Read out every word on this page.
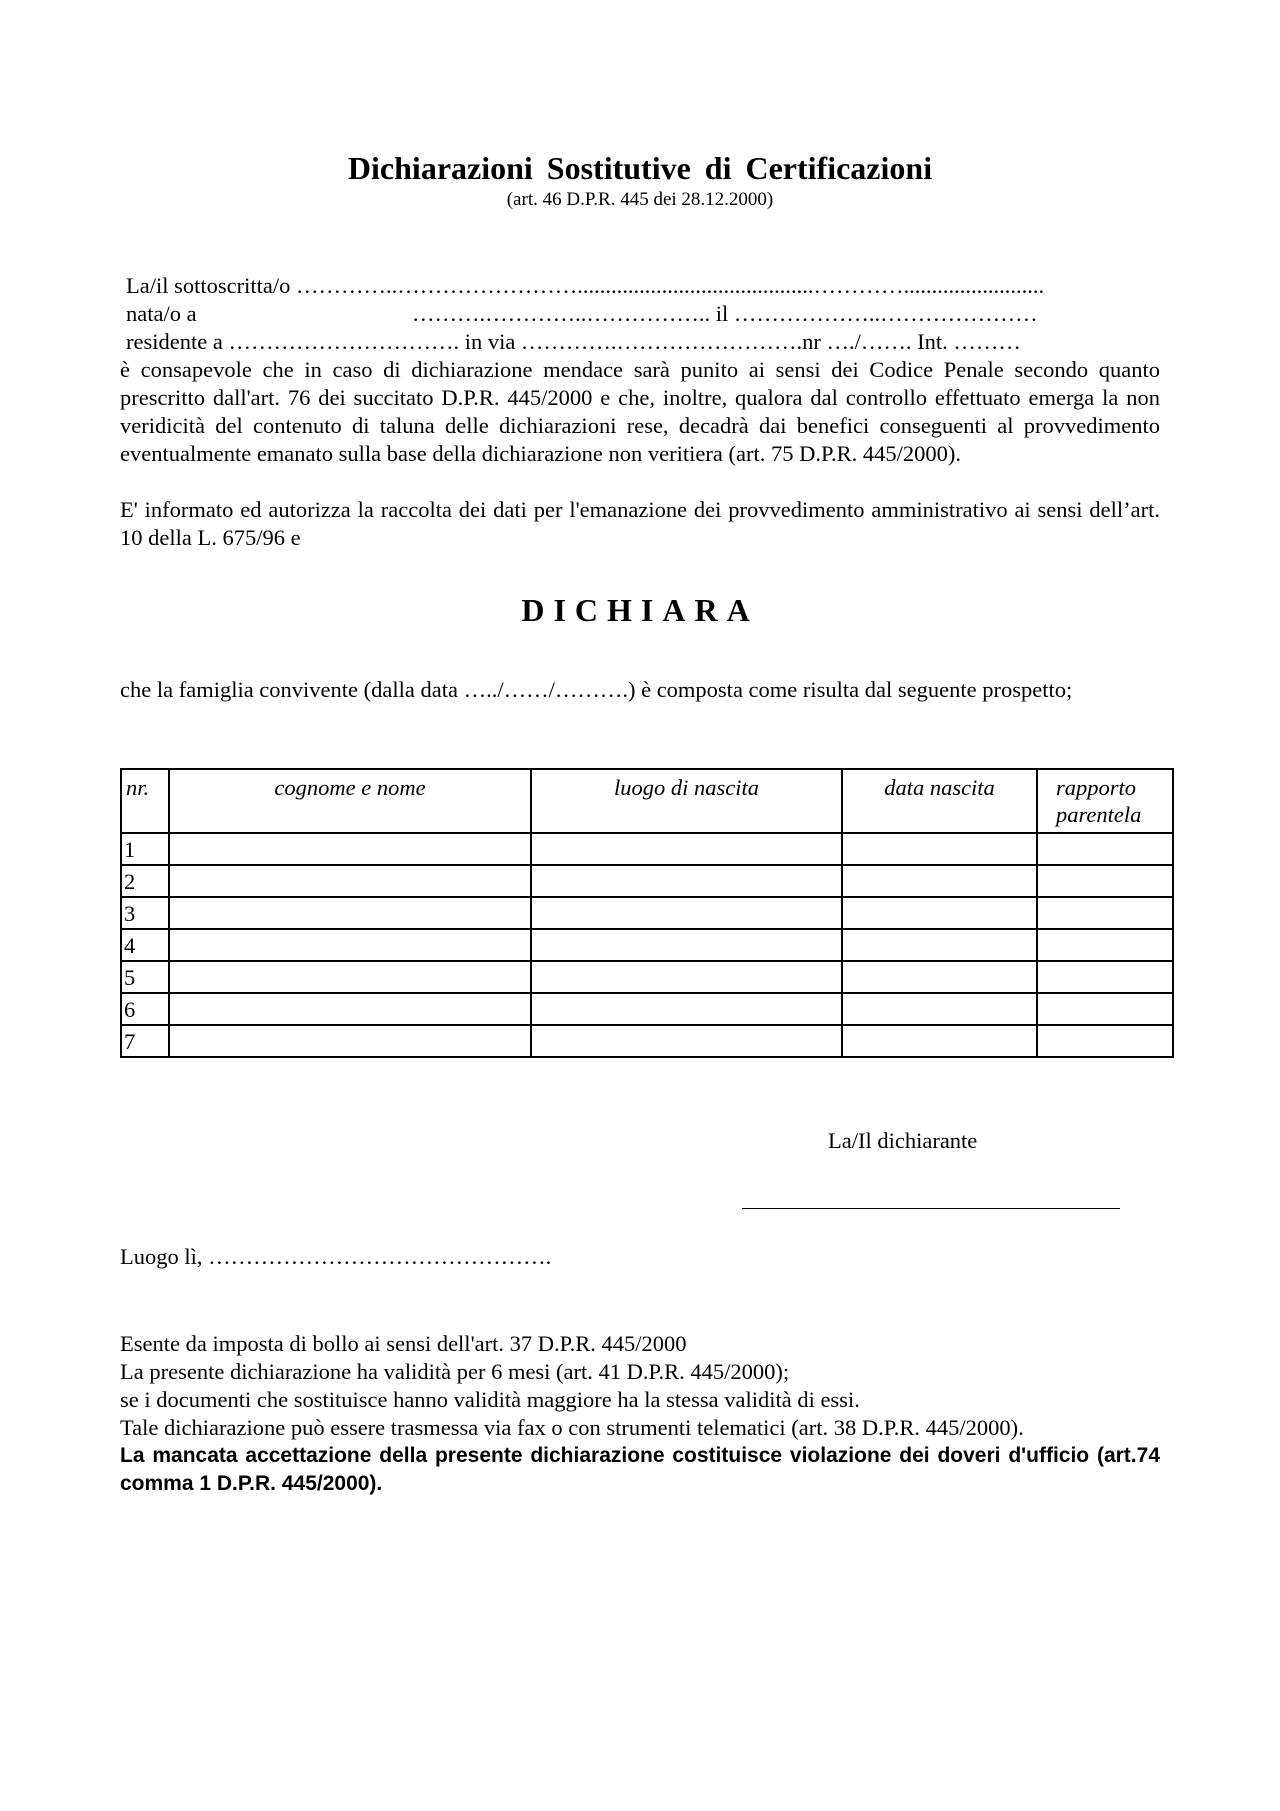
Dichiarazioni Sostitutive di Certificazioni
(art. 46 D.P.R. 445 dei 28.12.2000)
La/il sottoscritta/o …………..……………………..........................................………….........................
nata/o a	……….…………..…………….. il ………………..…………………
residente a …………………………. in via ………….…………………….nr …./……. Int. ………
è consapevole che in caso di dichiarazione mendace sarà punito ai sensi dei Codice Penale secondo quanto prescritto dall'art. 76 dei succitato D.P.R. 445/2000 e che, inoltre, qualora dal controllo effettuato emerga la non veridicità del contenuto di taluna delle dichiarazioni rese, decadrà dai benefici conseguenti al provvedimento eventualmente emanato sulla base della dichiarazione non veritiera (art. 75 D.P.R. 445/2000).
E' informato ed autorizza la raccolta dei dati per l'emanazione dei provvedimento amministrativo ai sensi dell’art. 10 della L. 675/96 e
DICHIARA
che la famiglia convivente (dalla data …../……/……….) è composta come risulta dal seguente prospetto;
nr.	cognome e nome	luogo di nascita	data nascita	rapporto parentela
1				
2				
3				
4				
5				
6				
7				
La/Il dichiarante
Luogo lì, ……………………………………….

Esente da imposta di bollo ai sensi dell'art. 37 D.P.R. 445/2000

La presente dichiarazione ha validità per 6 mesi (art. 41 D.P.R. 445/2000);

se i documenti che sostituisce hanno validità maggiore ha la stessa validità di essi.

Tale dichiarazione può essere trasmessa via fax o con strumenti telematici (art. 38 D.P.R. 445/2000).

La mancata accettazione della presente dichiarazione costituisce violazione dei doveri d'ufficio (art.74 comma 1 D.P.R. 445/2000).
